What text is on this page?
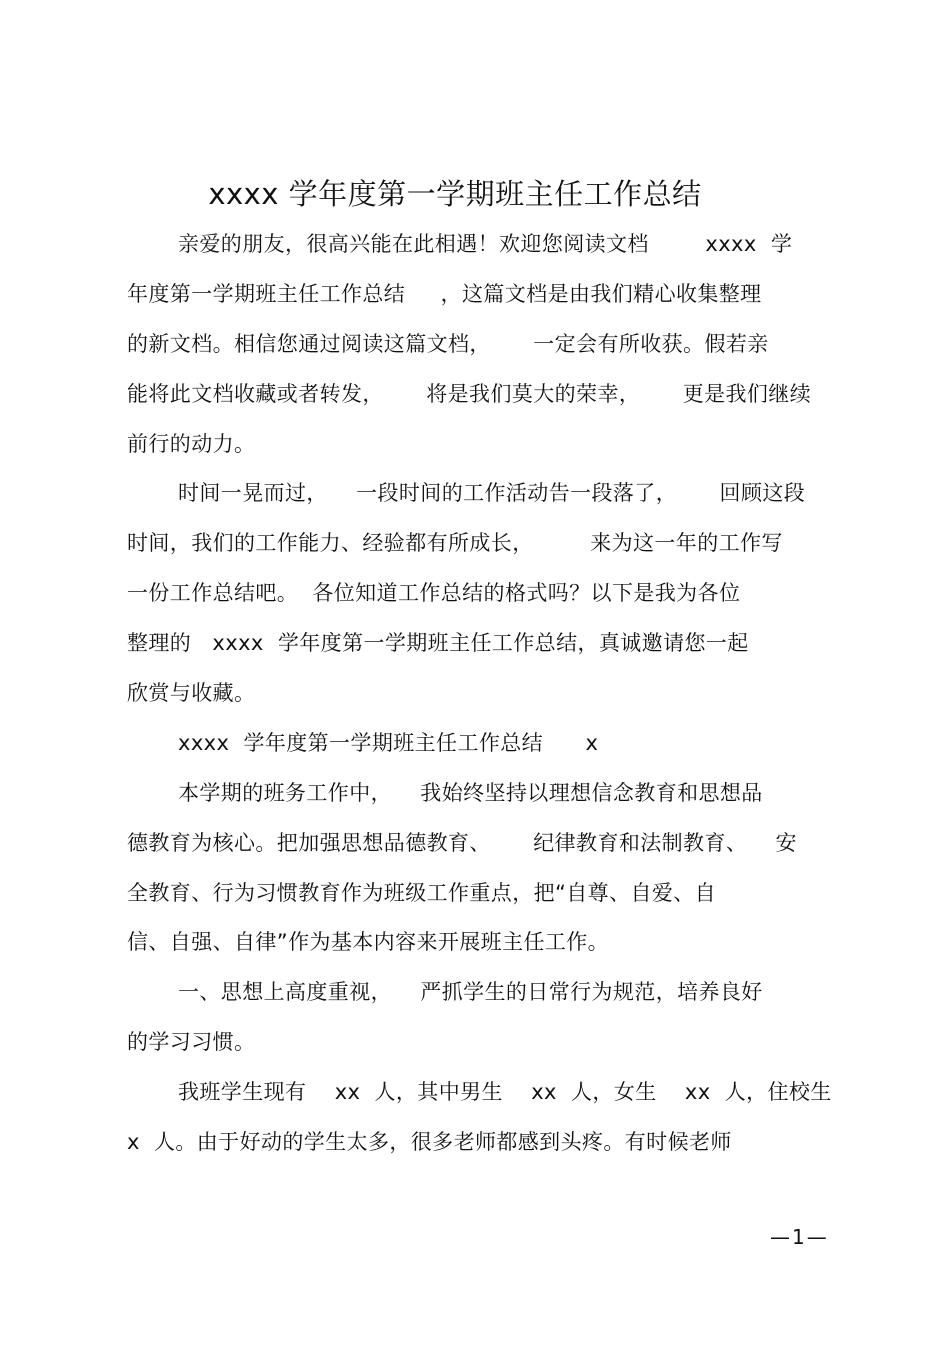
xxxx 学年度第一学期班主任工作总结
亲爱的朋友，很高兴能在此相遇！欢迎您阅读文档        xxxx  学
年度第一学期班主任工作总结     ，这篇文档是由我们精心收集整理
的新文档。相信您通过阅读这篇文档，      一定会有所收获。假若亲
能将此文档收藏或者转发，      将是我们莫大的荣幸，      更是我们继续
前行的动力。
时间一晃而过，    一段时间的工作活动告一段落了，      回顾这段
时间，我们的工作能力、经验都有所成长，        来为这一年的工作写
一份工作总结吧。  各位知道工作总结的格式吗？以下是我为各位
整理的   xxxx  学年度第一学期班主任工作总结，真诚邀请您一起
欣赏与收藏。
xxxx  学年度第一学期班主任工作总结      x
本学期的班务工作中，    我始终坚持以理想信念教育和思想品
德教育为核心。把加强思想品德教育、      纪律教育和法制教育、    安
全教育、行为习惯教育作为班级工作重点，把“自尊、自爱、自
信、自强、自律”作为基本内容来开展班主任工作。
一、思想上高度重视，    严抓学生的日常行为规范，培养良好
的学习习惯。
我班学生现有    xx  人，其中男生    xx  人，女生    xx  人，住校生
x  人。由于好动的学生太多，很多老师都感到头疼。有时候老师
—1—
